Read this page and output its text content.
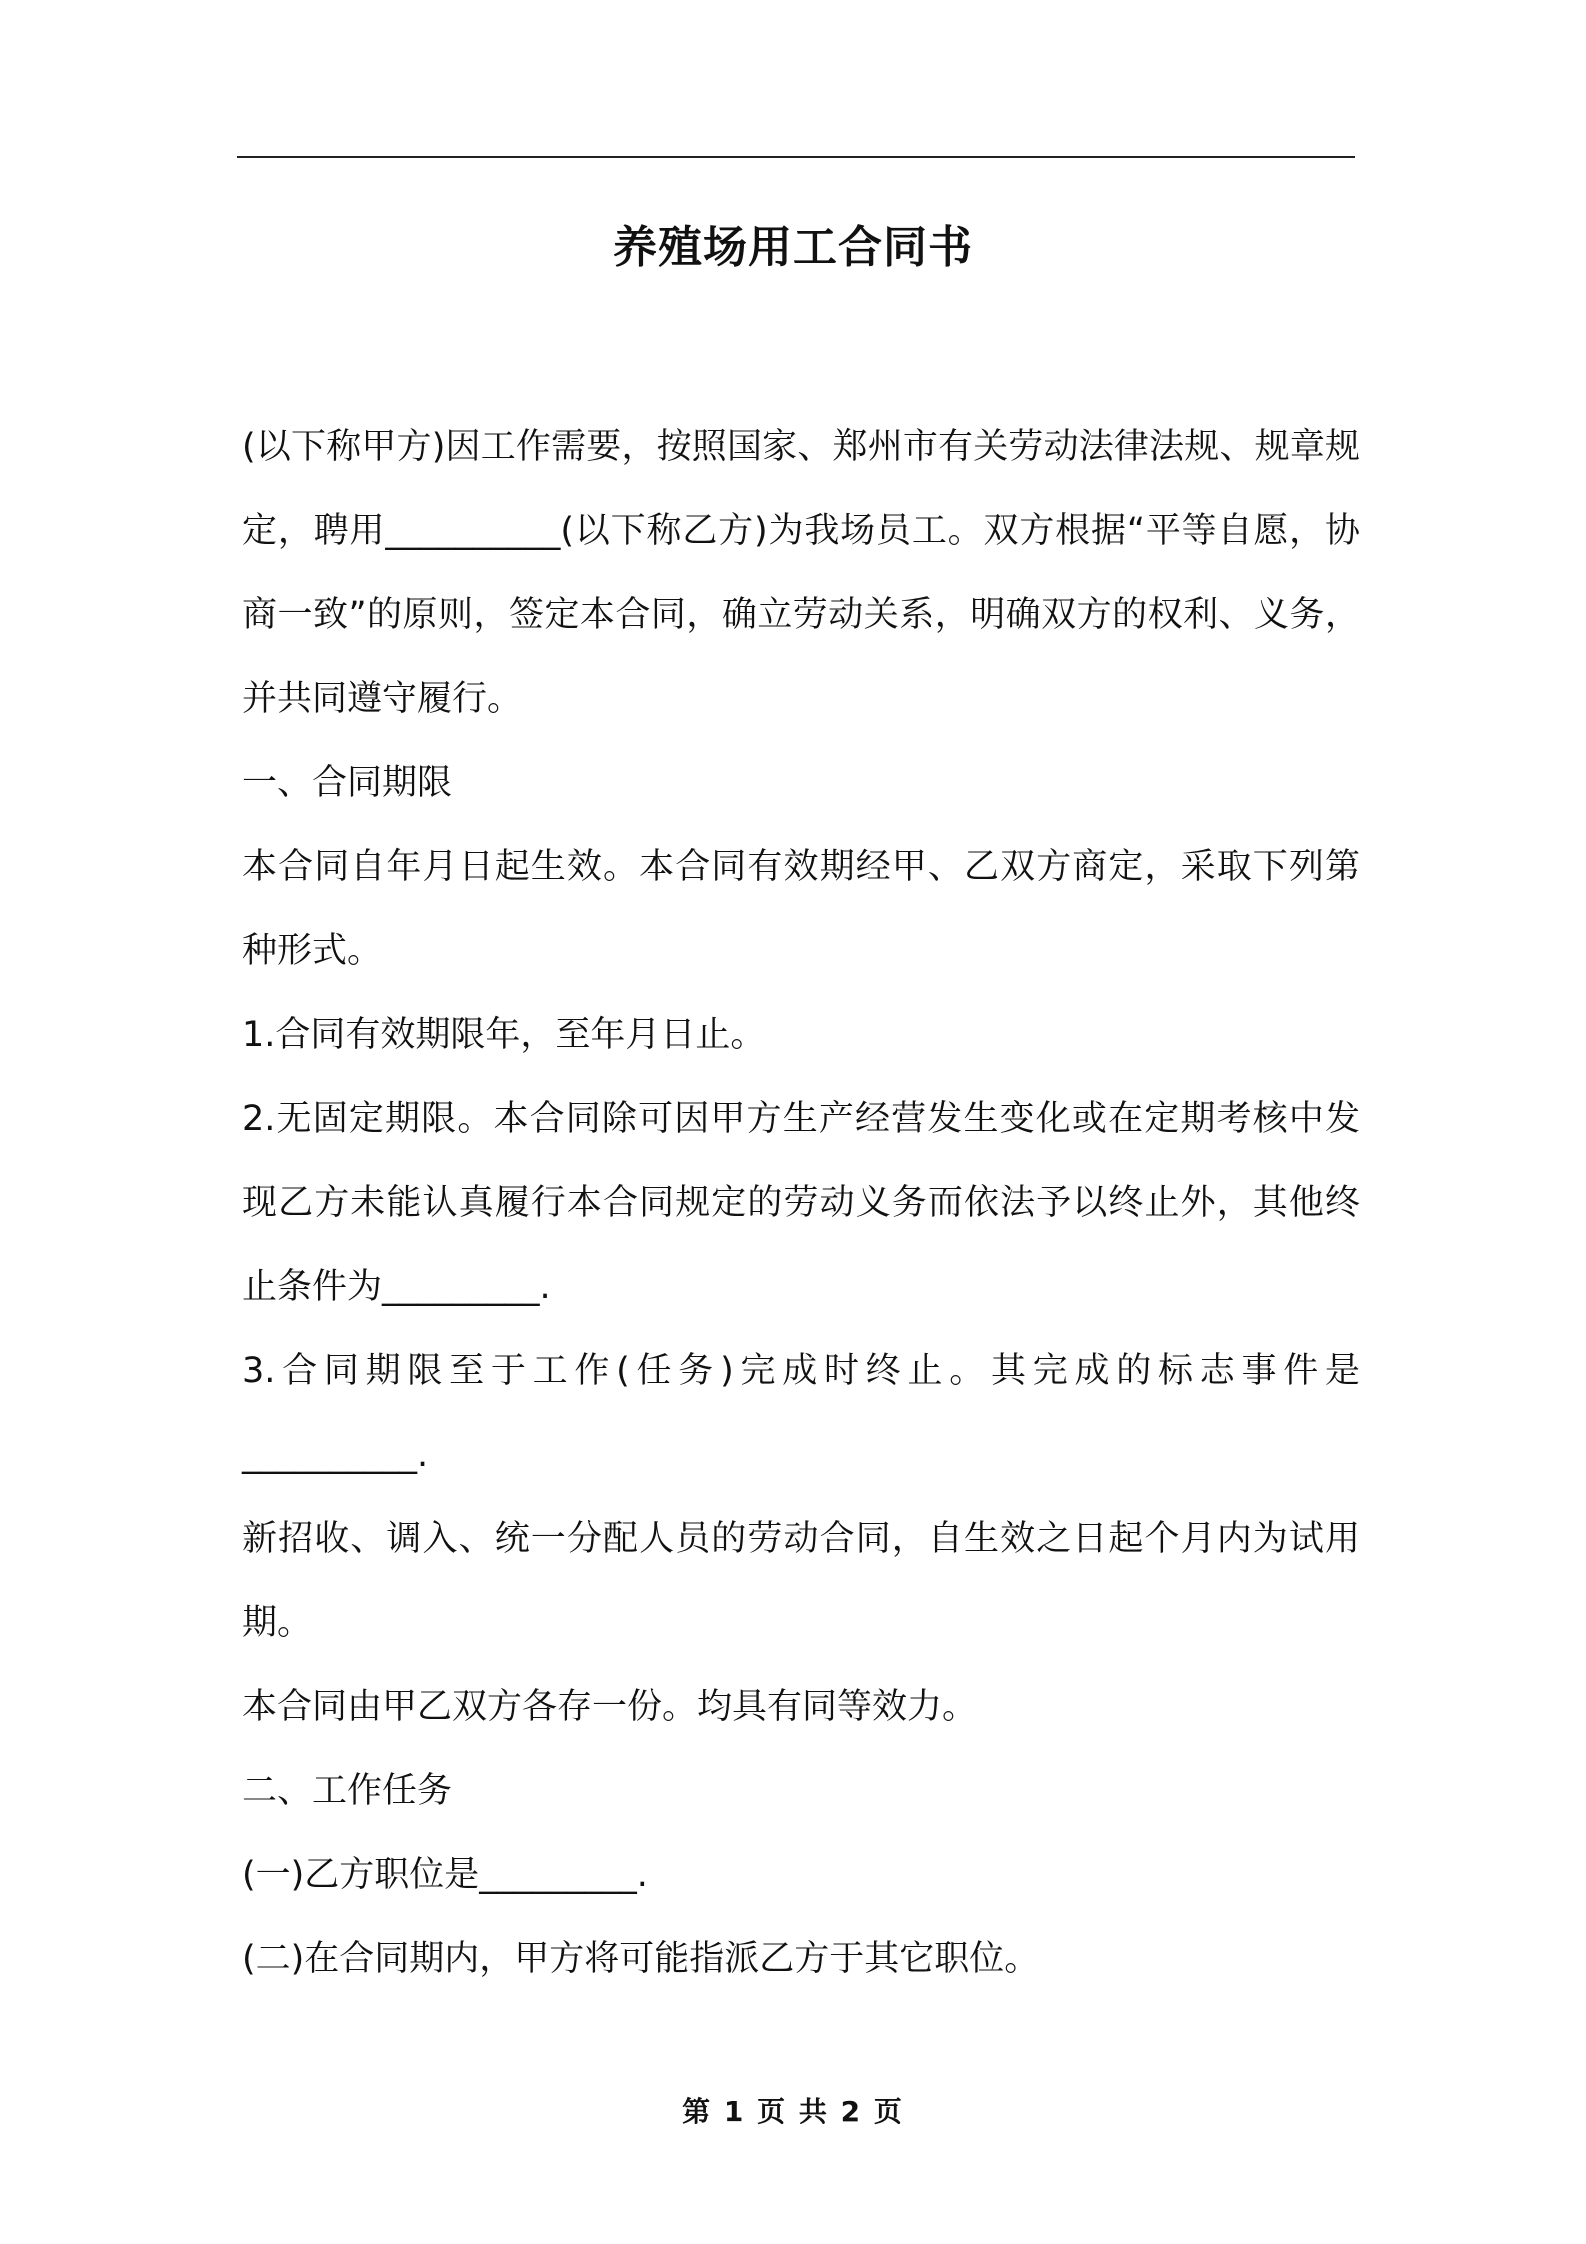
养殖场用工合同书

(以下称甲方)因工作需要，按照国家、郑州市有关劳动法律法规、规章规定，聘用__________(以下称乙方)为我场员工。双方根据“平等自愿，协商一致”的原则，签定本合同，确立劳动关系，明确双方的权利、义务，并共同遵守履行。

一、合同期限

本合同自年月日起生效。本合同有效期经甲、乙双方商定，采取下列第种形式。

1.合同有效期限年，至年月日止。

2.无固定期限。本合同除可因甲方生产经营发生变化或在定期考核中发现乙方未能认真履行本合同规定的劳动义务而依法予以终止外，其他终止条件为_________.

3.合同期限至于工作(任务)完成时终止。其完成的标志事件是__________.

新招收、调入、统一分配人员的劳动合同，自生效之日起个月内为试用期。

本合同由甲乙双方各存一份。均具有同等效力。

二、工作任务

(一)乙方职位是_________.

(二)在合同期内，甲方将可能指派乙方于其它职位。

第 1 页 共 2 页
